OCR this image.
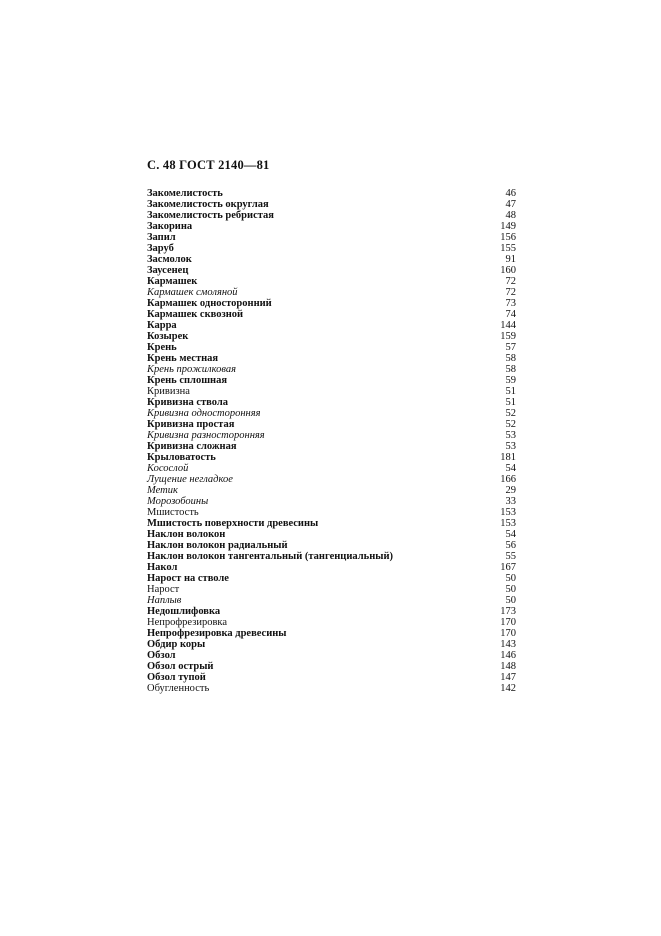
С. 48 ГОСТ 2140—81
Закомелистость	46
Закомелистость округлая	47
Закомелистость ребристая	48
Закорина	149
Запил	156
Заруб	155
Засмолок	91
Заусенец	160
Кармашек	72
Кармашек смоляной	72
Кармашек односторонний	73
Кармашек сквозной	74
Карра	144
Козырек	159
Крень	57
Крень местная	58
Крень прожилковая	58
Крень сплошная	59
Кривизна	51
Кривизна ствола	51
Кривизна односторонняя	52
Кривизна простая	52
Кривизна разносторонняя	53
Кривизна сложная	53
Крыловатость	181
Косослой	54
Лущение негладкое	166
Метик	29
Морозобоины	33
Мшистость	153
Мшистость поверхности древесины	153
Наклон волокон	54
Наклон волокон радиальный	56
Наклон волокон тангентальный (тангенциальный)	55
Накол	167
Нарост на стволе	50
Нарост	50
Наплыв	50
Недошлифовка	173
Непрофрезировка	170
Непрофрезировка древесины	170
Обдир коры	143
Обзол	146
Обзол острый	148
Обзол тупой	147
Обугленность	142
